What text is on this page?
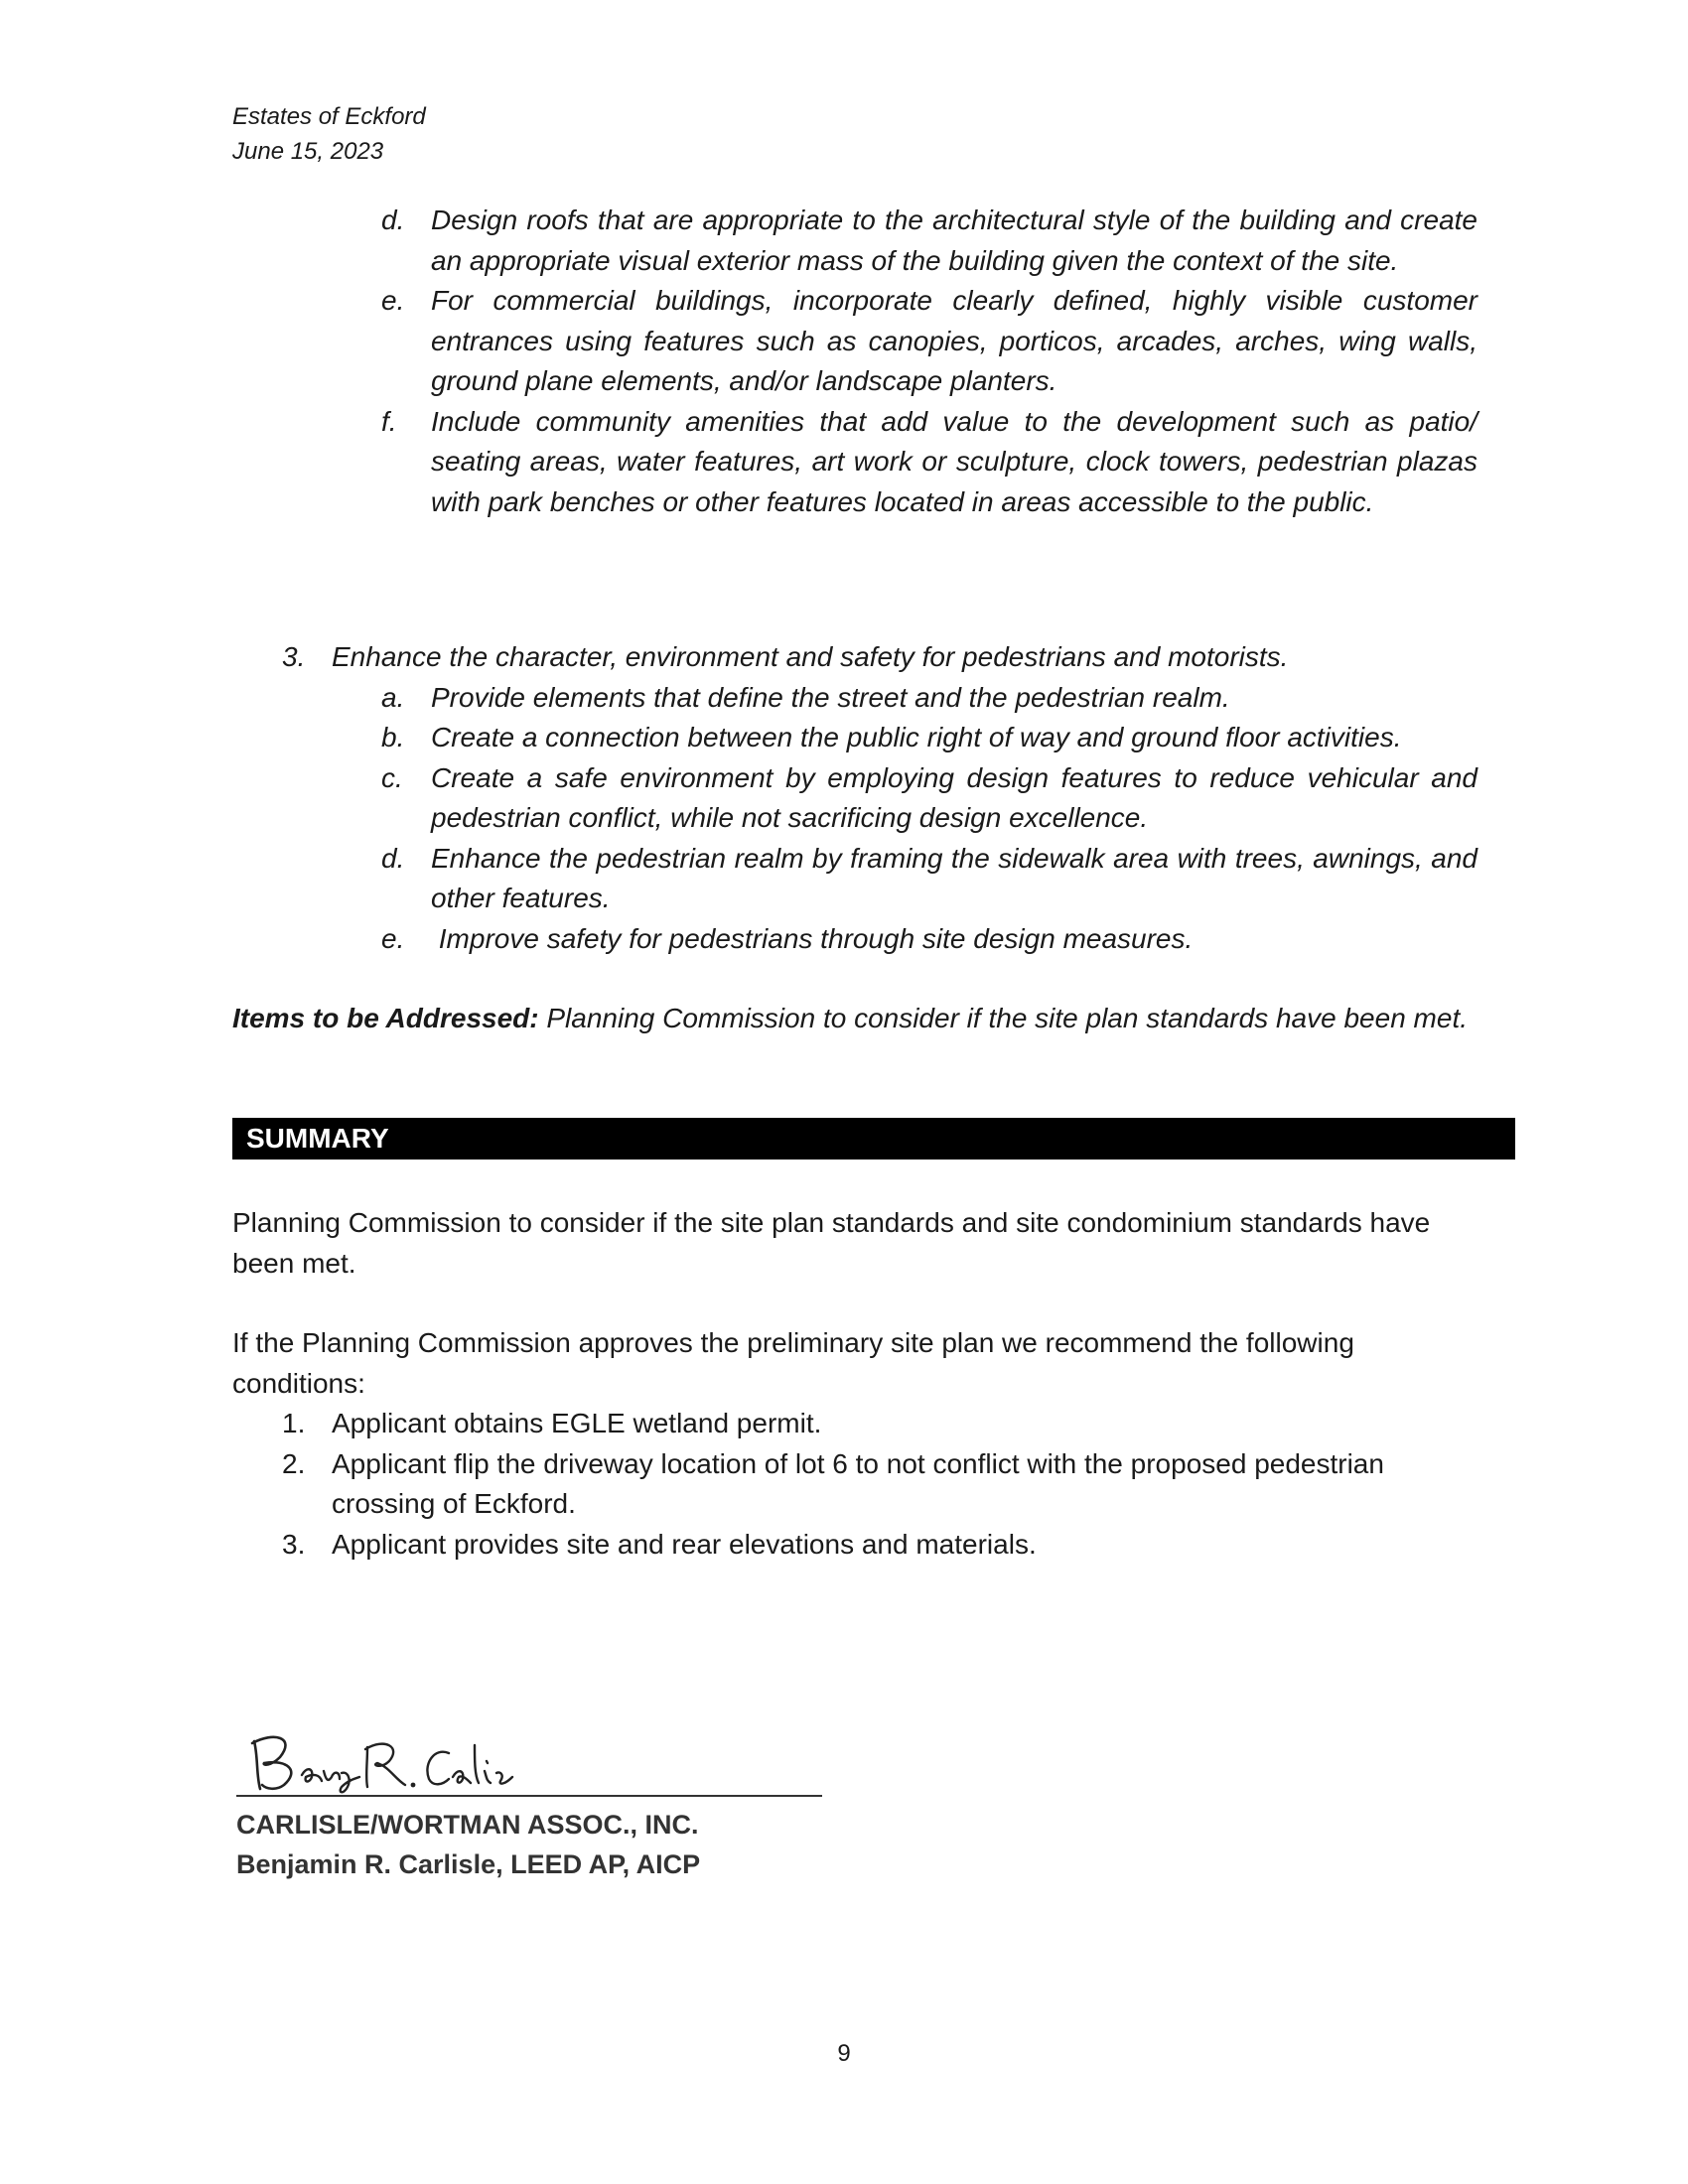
Estates of Eckford
June 15, 2023
d. Design roofs that are appropriate to the architectural style of the building and create an appropriate visual exterior mass of the building given the context of the site.
e. For commercial buildings, incorporate clearly defined, highly visible customer entrances using features such as canopies, porticos, arcades, arches, wing walls, ground plane elements, and/or landscape planters.
f.	Include community amenities that add value to the development such as patio/ seating areas, water features, art work or sculpture, clock towers, pedestrian plazas with park benches or other features located in areas accessible to the public.
3. Enhance the character, environment and safety for pedestrians and motorists.
a. Provide elements that define the street and the pedestrian realm.
b. Create a connection between the public right of way and ground floor activities.
c.	Create a safe environment by employing design features to reduce vehicular and pedestrian conflict, while not sacrificing design excellence.
d. Enhance the pedestrian realm by framing the sidewalk area with trees, awnings, and other features.
e. Improve safety for pedestrians through site design measures.
Items to be Addressed: Planning Commission to consider if the site plan standards have been met.
SUMMARY
Planning Commission to consider if the site plan standards and site condominium standards have been met.
If the Planning Commission approves the preliminary site plan we recommend the following conditions:
1. Applicant obtains EGLE wetland permit.
2. Applicant flip the driveway location of lot 6 to not conflict with the proposed pedestrian crossing of Eckford.
3. Applicant provides site and rear elevations and materials.
CARLISLE/WORTMAN ASSOC., INC.
Benjamin R. Carlisle, LEED AP, AICP
9
